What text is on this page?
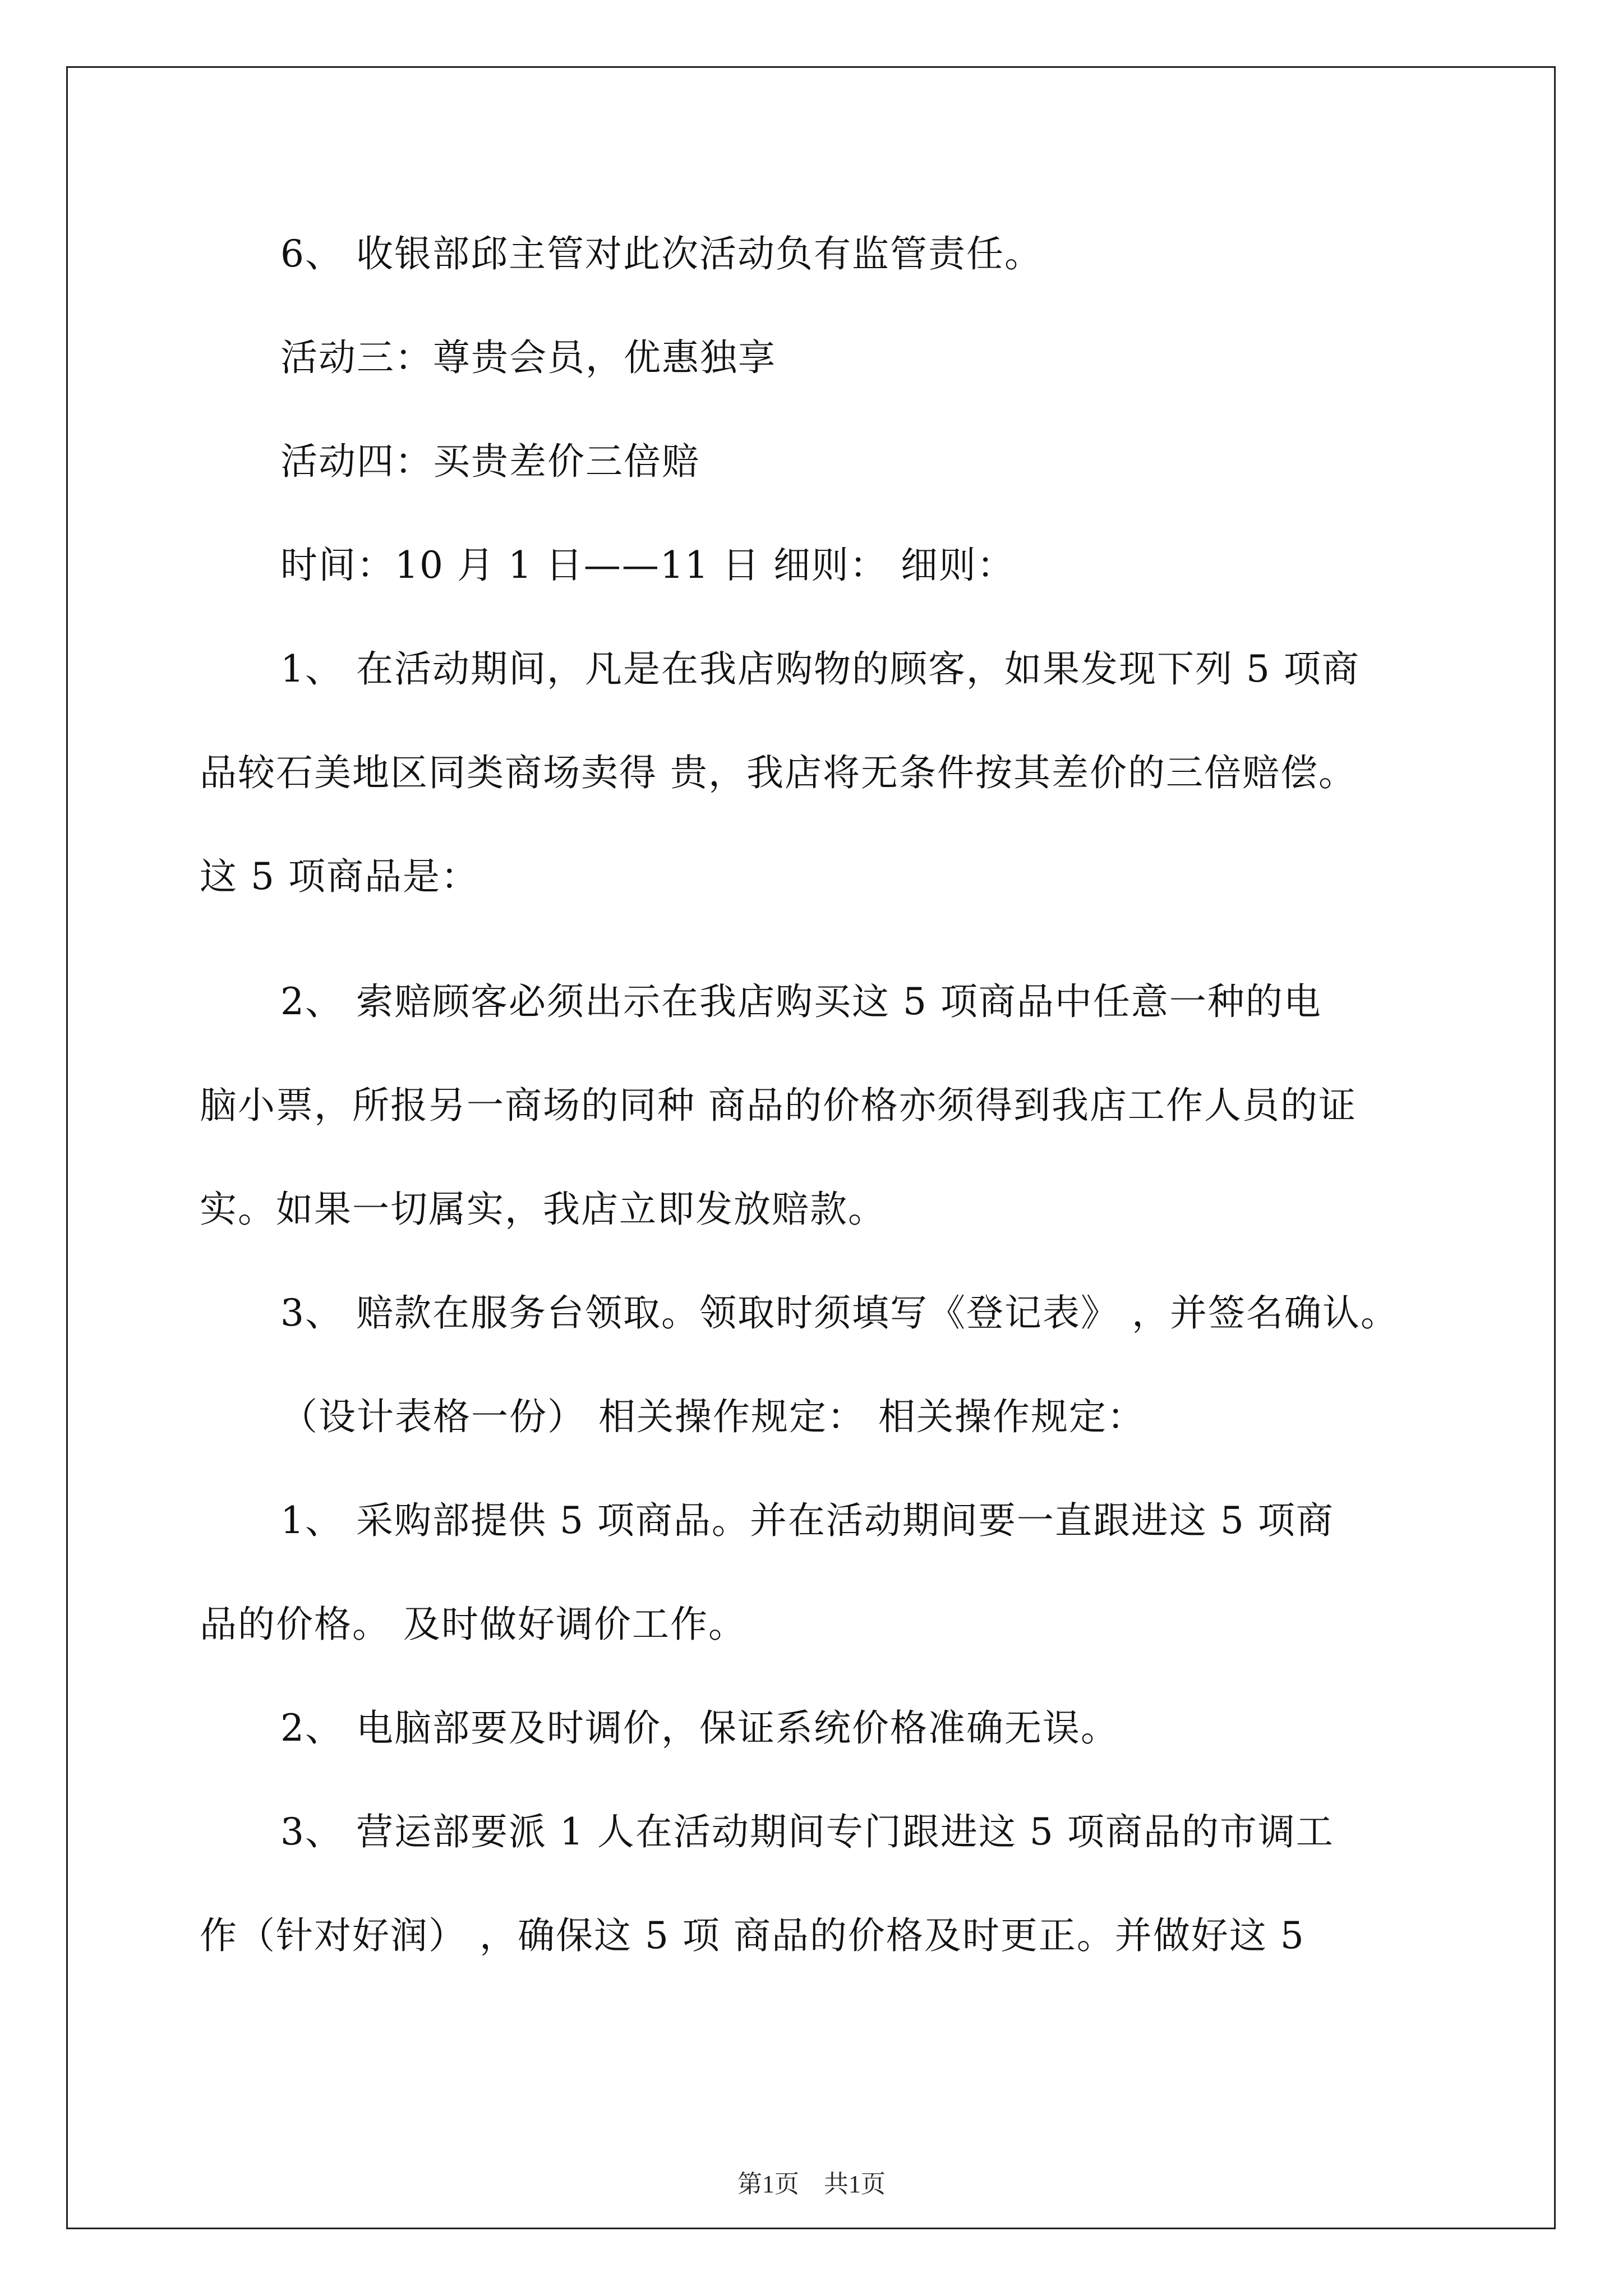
6、 收银部邱主管对此次活动负有监管责任。
活动三：尊贵会员，优惠独享
活动四：买贵差价三倍赔
时间：10 月 1 日——11 日 细则： 细则：
1、 在活动期间，凡是在我店购物的顾客，如果发现下列 5 项商
品较石美地区同类商场卖得 贵，我店将无条件按其差价的三倍赔偿。
这 5 项商品是：
2、 索赔顾客必须出示在我店购买这 5 项商品中任意一种的电
脑小票，所报另一商场的同种 商品的价格亦须得到我店工作人员的证
实。如果一切属实，我店立即发放赔款。
3、 赔款在服务台领取。领取时须填写《登记表》 ，并签名确认。
（设计表格一份） 相关操作规定： 相关操作规定：
1、 采购部提供 5 项商品。并在活动期间要一直跟进这 5 项商
品的价格。 及时做好调价工作。
2、 电脑部要及时调价，保证系统价格准确无误。
3、 营运部要派 1 人在活动期间专门跟进这 5 项商品的市调工
作（针对好润） ，确保这 5 项 商品的价格及时更正。并做好这 5
第1页　共1页
